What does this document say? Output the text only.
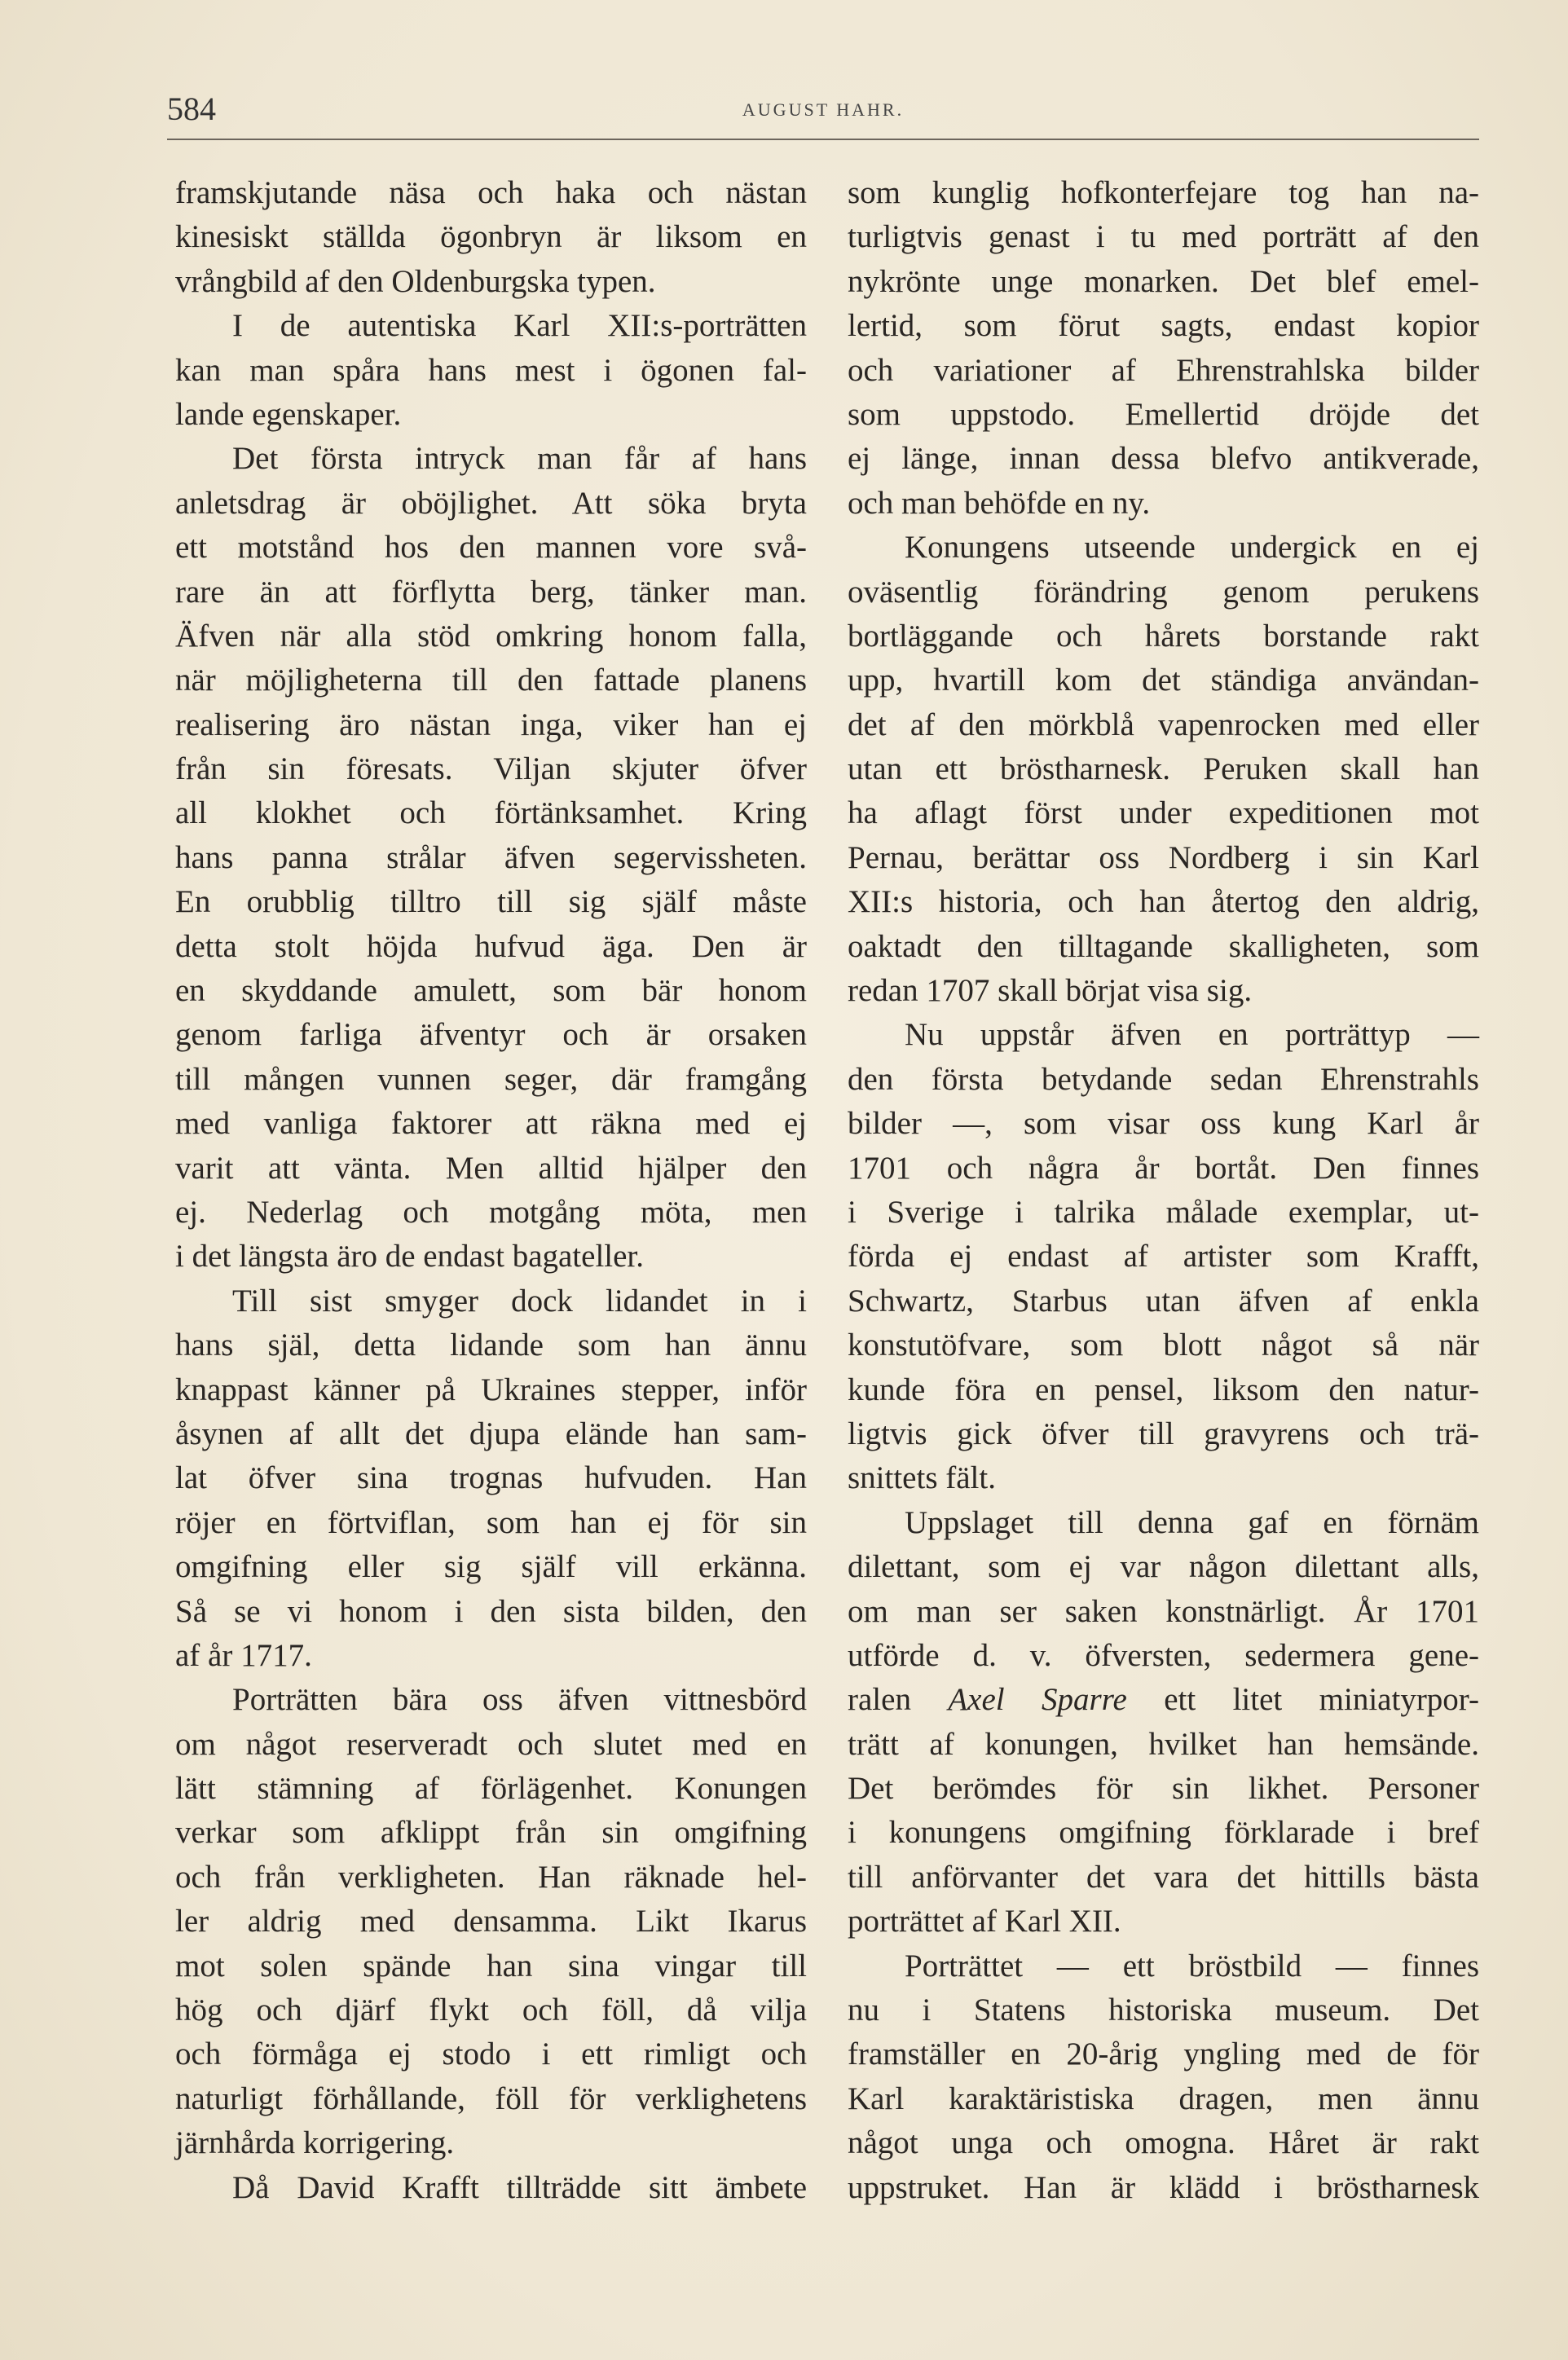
584	AUGUST HAHR.
framskjutande näsa och haka och nästan
kinesiskt ställda ögonbryn är liksom en
vrångbild af den Oldenburgska typen.
I de autentiska Karl XII:s-porträtten
kan man spåra hans mest i ögonen fal-
lande egenskaper.
Det första intryck man får af hans
anletsdrag är oböjlighet. Att söka bryta
ett motstånd hos den mannen vore svå-
rare än att förflytta berg, tänker man.
Äfven när alla stöd omkring honom falla,
när möjligheterna till den fattade planens
realisering äro nästan inga, viker han ej
från sin föresats. Viljan skjuter öfver
all klokhet och förtänksamhet. Kring
hans panna strålar äfven segervissheten.
En orubblig tilltro till sig själf måste
detta stolt höjda hufvud äga. Den är
en skyddande amulett, som bär honom
genom farliga äfventyr och är orsaken
till mången vunnen seger, där framgång
med vanliga faktorer att räkna med ej
varit att vänta. Men alltid hjälper den
ej. Nederlag och motgång möta, men
i det längsta äro de endast bagateller.
Till sist smyger dock lidandet in i
hans själ, detta lidande som han ännu
knappast känner på Ukraines stepper, inför
åsynen af allt det djupa elände han sam-
lat öfver sina trognas hufvuden. Han
röjer en förtviflan, som han ej för sin
omgifning eller sig själf vill erkänna.
Så se vi honom i den sista bilden, den
af år 1717.
Porträtten bära oss äfven vittnesbörd
om något reserveradt och slutet med en
lätt stämning af förlägenhet. Konungen
verkar som afklippt från sin omgifning
och från verkligheten. Han räknade hel-
ler aldrig med densamma. Likt Ikarus
mot solen spände han sina vingar till
hög och djärf flykt och föll, då vilja
och förmåga ej stodo i ett rimligt och
naturligt förhållande, föll för verklighetens
järnhårda korrigering.
Då David Krafft tillträdde sitt ämbete
som kunglig hofkonterfejare tog han na-
turligtvis genast i tu med porträtt af den
nykrönte unge monarken. Det blef emel-
lertid, som förut sagts, endast kopior
och variationer af Ehrenstrahlska bilder
som uppstodo. Emellertid dröjde det
ej länge, innan dessa blefvo antikverade,
och man behöfde en ny.
Konungens utseende undergick en ej
oväsentlig förändring genom perukens
bortläggande och hårets borstande rakt
upp, hvartill kom det ständiga användan-
det af den mörkblå vapenrocken med eller
utan ett bröstharnesk. Peruken skall han
ha aflagt först under expeditionen mot
Pernau, berättar oss Nordberg i sin Karl
XII:s historia, och han återtog den aldrig,
oaktadt den tilltagande skalligheten, som
redan 1707 skall börjat visa sig.
Nu uppstår äfven en porträttyp —
den första betydande sedan Ehrenstrahls
bilder —, som visar oss kung Karl år
1701 och några år bortåt. Den finnes
i Sverige i talrika målade exemplar, ut-
förda ej endast af artister som Krafft,
Schwartz, Starbus utan äfven af enkla
konstutöfvare, som blott något så när
kunde föra en pensel, liksom den natur-
ligtvis gick öfver till gravyrens och trä-
snittets fält.
Uppslaget till denna gaf en förnäm
dilettant, som ej var någon dilettant alls,
om man ser saken konstnärligt. År 1701
utförde d. v. öfversten, sedermera gene-
ralen Axel Sparre ett litet miniatyrpor-
trätt af konungen, hvilket han hemsände.
Det berömdes för sin likhet. Personer
i konungens omgifning förklarade i bref
till anförvanter det vara det hittills bästa
porträttet af Karl XII.
Porträttet — ett bröstbild — finnes
nu i Statens historiska museum. Det
framställer en 20-årig yngling med de för
Karl karaktäristiska dragen, men ännu
något unga och omogna. Håret är rakt
uppstruket. Han är klädd i bröstharnesk
